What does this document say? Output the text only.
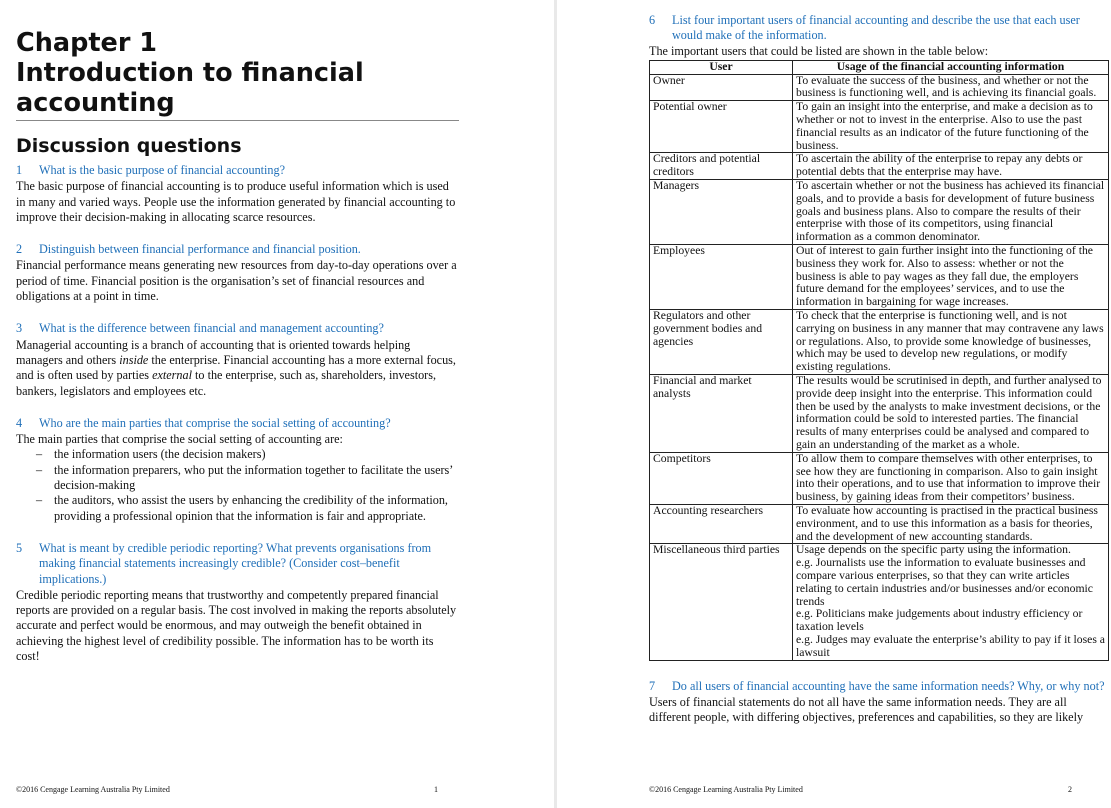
Chapter 1
Introduction to financial
accounting
Discussion questions

1 What is the basic purpose of financial accounting?

The basic purpose of financial accounting is to produce useful information which is used in many and varied ways. People use the information generated by financial accounting to improve their decision-making in allocating scarce resources.

2 Distinguish between financial performance and financial position.

Financial performance means generating new resources from day-to-day operations over a period of time. Financial position is the organisation’s set of financial resources and obligations at a point in time.

3 What is the difference between financial and management accounting?

Managerial accounting is a branch of accounting that is oriented towards helping managers and others inside the enterprise. Financial accounting has a more external focus, and is often used by parties external to the enterprise, such as, shareholders, investors, bankers, legislators and employees etc.

4 Who are the main parties that comprise the social setting of accounting?

The main parties that comprise the social setting of accounting are:

– the information users (the decision makers)
– the information preparers, who put the information together to facilitate the users’ decision-making
– the auditors, who assist the users by enhancing the credibility of the information, providing a professional opinion that the information is fair and appropriate.

5 What is meant by credible periodic reporting? What prevents organisations from making financial statements increasingly credible? (Consider cost–benefit implications.)

Credible periodic reporting means that trustworthy and competently prepared financial reports are provided on a regular basis. The cost involved in making the reports absolutely accurate and perfect would be enormous, and may outweigh the benefit obtained in achieving the highest level of credibility possible. The information has to be worth its cost!

©2016 Cengage Learning Australia Pty Limited	1

6 List four important users of financial accounting and describe the use that each user would make of the information.

The important users that could be listed are shown in the table below:

User	Usage of the financial accounting information
Owner	To evaluate the success of the business, and whether or not the business is functioning well, and is achieving its financial goals.
Potential owner	To gain an insight into the enterprise, and make a decision as to whether or not to invest in the enterprise. Also to use the past financial results as an indicator of the future functioning of the business.
Creditors and potential creditors	To ascertain the ability of the enterprise to repay any debts or potential debts that the enterprise may have.
Managers	To ascertain whether or not the business has achieved its financial goals, and to provide a basis for development of future business goals and business plans. Also to compare the results of their enterprise with those of its competitors, using financial information as a common denominator.
Employees	Out of interest to gain further insight into the functioning of the business they work for. Also to assess: whether or not the business is able to pay wages as they fall due, the employers future demand for the employees’ services, and to use the information in bargaining for wage increases.
Regulators and other government bodies and agencies	To check that the enterprise is functioning well, and is not carrying on business in any manner that may contravene any laws or regulations. Also, to provide some knowledge of businesses, which may be used to develop new regulations, or modify existing regulations.
Financial and market analysts	The results would be scrutinised in depth, and further analysed to provide deep insight into the enterprise. This information could then be used by the analysts to make investment decisions, or the information could be sold to interested parties. The financial results of many enterprises could be analysed and compared to gain an understanding of the market as a whole.
Competitors	To allow them to compare themselves with other enterprises, to see how they are functioning in comparison. Also to gain insight into their operations, and to use that information to improve their business, by gaining ideas from their competitors’ business.
Accounting researchers	To evaluate how accounting is practised in the practical business environment, and to use this information as a basis for theories, and the development of new accounting standards.
Miscellaneous third parties	Usage depends on the specific party using the information.
e.g. Journalists use the information to evaluate businesses and compare various enterprises, so that they can write articles relating to certain industries and/or businesses and/or economic trends
e.g. Politicians make judgements about industry efficiency or taxation levels
e.g. Judges may evaluate the enterprise’s ability to pay if it loses a lawsuit

7 Do all users of financial accounting have the same information needs? Why, or why not?

Users of financial statements do not all have the same information needs. They are all different people, with differing objectives, preferences and capabilities, so they are likely

©2016 Cengage Learning Australia Pty Limited	2
